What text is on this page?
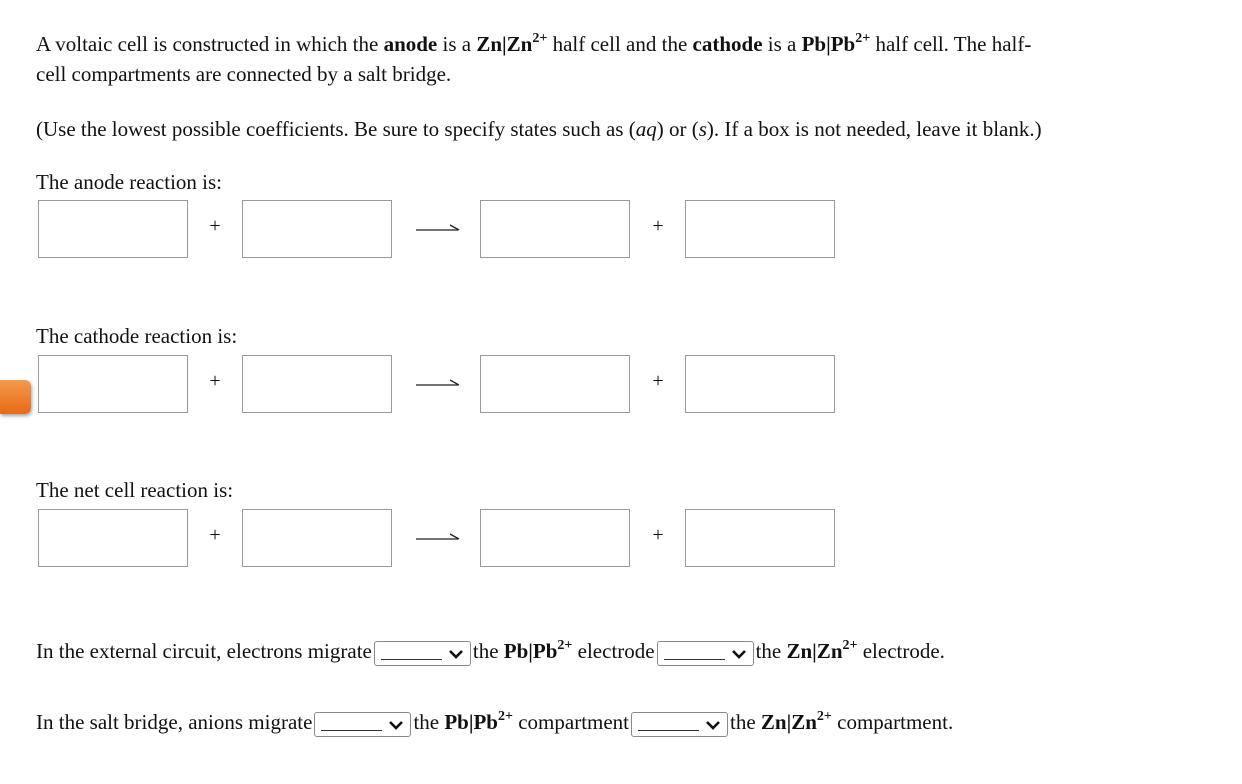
A voltaic cell is constructed in which the anode is a $Zn|Zn^{2+}$ half cell and the cathode is a $Pb|Pb^{2+}$ half cell. The half-
cell compartments are connected by a salt bridge.
(Use the lowest possible coefficients. Be sure to specify states such as (aq) or (s). If a box is not needed, leave it blank.)
The anode reaction is:
+	+
The cathode reaction is:
+	+
The net cell reaction is:
+	+
In the external circuit, electrons migrate	the $Pb|Pb^{2+}$ electrode	the $Zn|Zn^{2+}$ electrode.
In the salt bridge, anions migrate	the $Pb|Pb^{2+}$ compartment	the $Zn|Zn^{2+}$ compartment.
